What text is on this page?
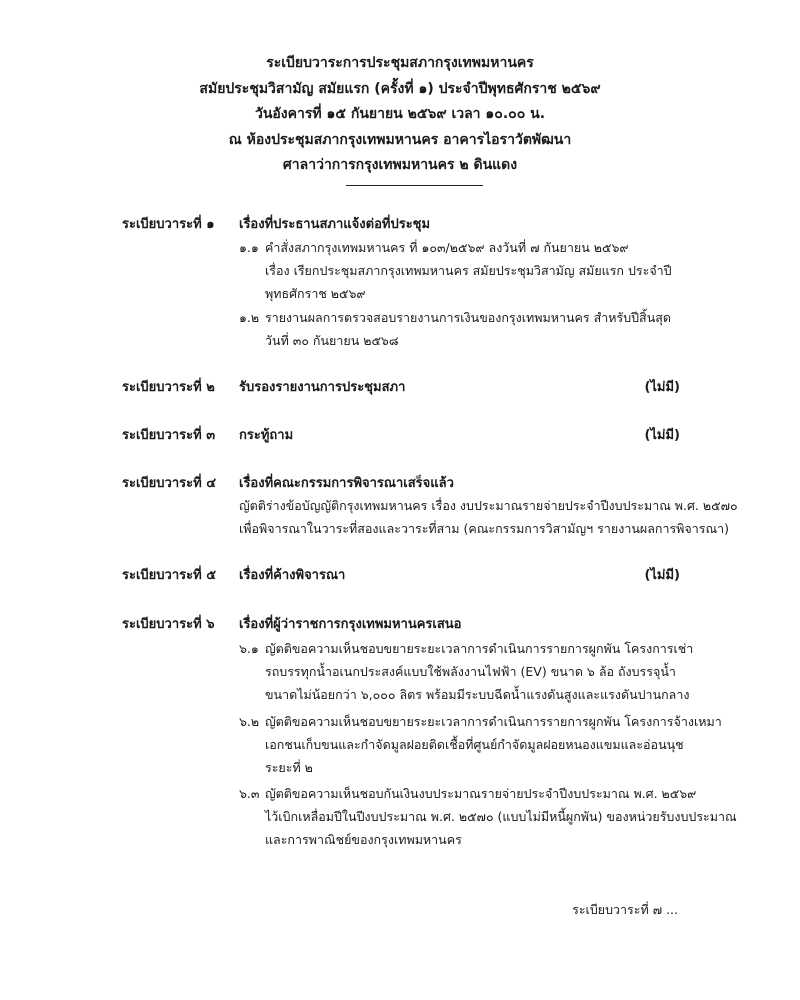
ระเบียบวาระการประชุมสภากรุงเทพมหานคร
สมัยประชุมวิสามัญ สมัยแรก (ครั้งที่ ๑) ประจำปีพุทธศักราช ๒๕๖๙
วันอังคารที่ ๑๕ กันยายน ๒๕๖๙ เวลา ๑๐.๐๐ น.
ณ ห้องประชุมสภากรุงเทพมหานคร อาคารไอราวัตพัฒนา
ศาลาว่าการกรุงเทพมหานคร ๒ ดินแดง
ระเบียบวาระที่ ๑ เรื่องที่ประธานสภาแจ้งต่อที่ประชุม
๑.๑ คำสั่งสภากรุงเทพมหานคร ที่ ๑๐๓/๒๕๖๙ ลงวันที่ ๗ กันยายน ๒๕๖๙
เรื่อง เรียกประชุมสภากรุงเทพมหานคร สมัยประชุมวิสามัญ สมัยแรก ประจำปี
พุทธศักราช ๒๕๖๙
๑.๒ รายงานผลการตรวจสอบรายงานการเงินของกรุงเทพมหานคร สำหรับปีสิ้นสุด
วันที่ ๓๐ กันยายน ๒๕๖๘
ระเบียบวาระที่ ๒ รับรองรายงานการประชุมสภา	(ไม่มี)
ระเบียบวาระที่ ๓ กระทู้ถาม	(ไม่มี)
ระเบียบวาระที่ ๔ เรื่องที่คณะกรรมการพิจารณาเสร็จแล้ว
ญัตติร่างข้อบัญญัติกรุงเทพมหานคร เรื่อง งบประมาณรายจ่ายประจำปีงบประมาณ พ.ศ. ๒๕๗๐
เพื่อพิจารณาในวาระที่สองและวาระที่สาม (คณะกรรมการวิสามัญฯ รายงานผลการพิจารณา)
ระเบียบวาระที่ ๕ เรื่องที่ค้างพิจารณา	(ไม่มี)
ระเบียบวาระที่ ๖ เรื่องที่ผู้ว่าราชการกรุงเทพมหานครเสนอ
๖.๑ ญัตติขอความเห็นชอบขยายระยะเวลาการดำเนินการรายการผูกพัน โครงการเช่า
รถบรรทุกน้ำอเนกประสงค์แบบใช้พลังงานไฟฟ้า (EV) ขนาด ๖ ล้อ ถังบรรจุน้ำ
ขนาดไม่น้อยกว่า ๖,๐๐๐ ลิตร พร้อมมีระบบฉีดน้ำแรงดันสูงและแรงดันปานกลาง
๖.๒ ญัตติขอความเห็นชอบขยายระยะเวลาการดำเนินการรายการผูกพัน โครงการจ้างเหมา
เอกชนเก็บขนและกำจัดมูลฝอยติดเชื้อที่ศูนย์กำจัดมูลฝอยหนองแขมและอ่อนนุช
ระยะที่ ๒
๖.๓ ญัตติขอความเห็นชอบกันเงินงบประมาณรายจ่ายประจำปีงบประมาณ พ.ศ. ๒๕๖๙
ไว้เบิกเหลื่อมปีในปีงบประมาณ พ.ศ. ๒๕๗๐ (แบบไม่มีหนี้ผูกพัน) ของหน่วยรับงบประมาณ
และการพาณิชย์ของกรุงเทพมหานคร
ระเบียบวาระที่ ๗ ...
